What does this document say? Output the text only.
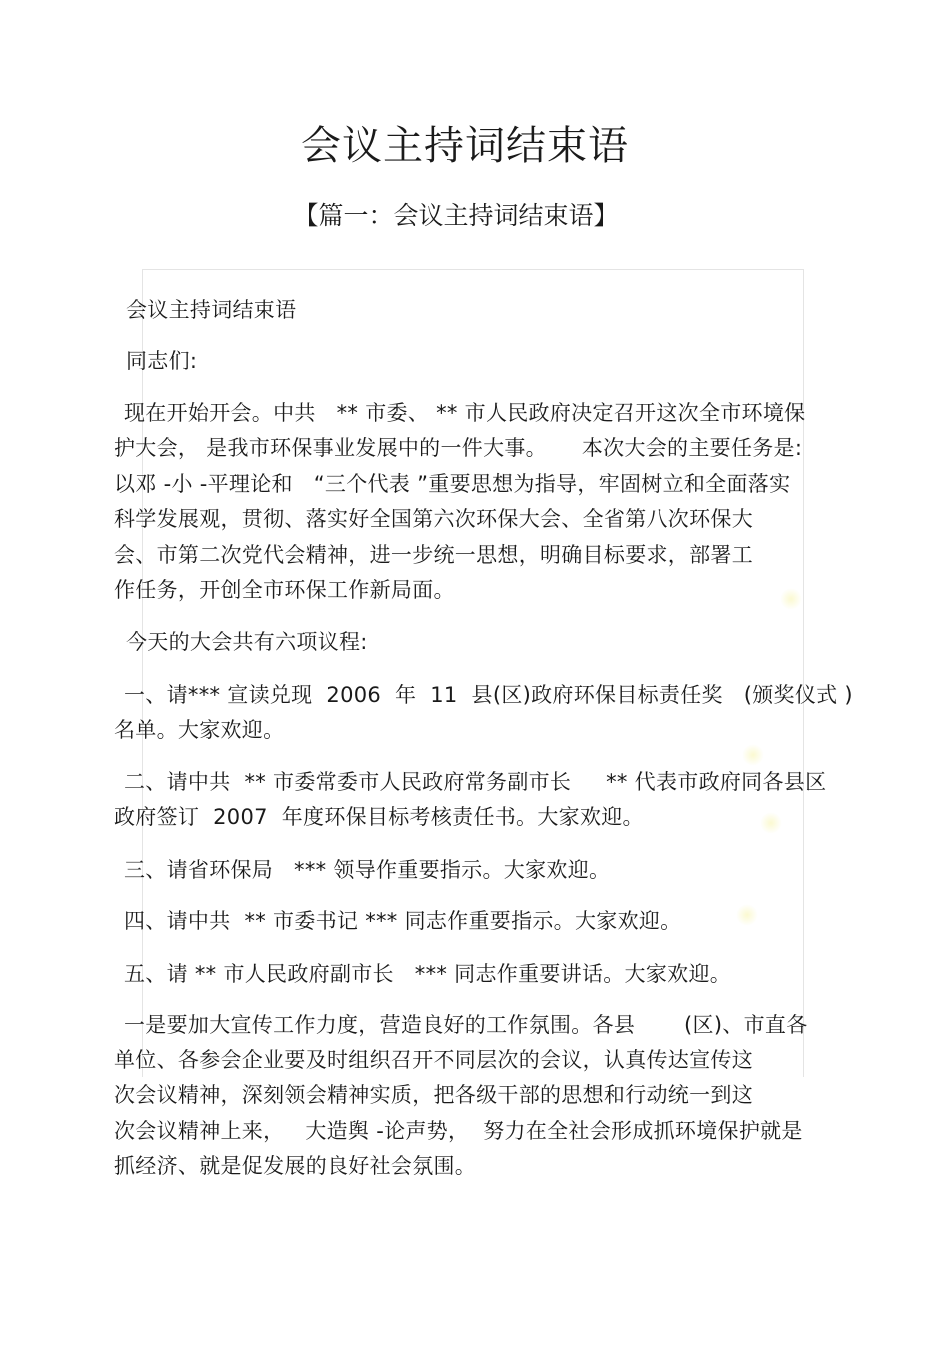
会议主持词结束语
【篇一：会议主持词结束语】
会议主持词结束语
同志们:
现在开始开会。中共   ** 市委、 ** 市人民政府决定召开这次全市环境保
护大会， 是我市环保事业发展中的一件大事。     本次大会的主要任务是:
以邓 -小 -平理论和   “三个代表 ”重要思想为指导，牢固树立和全面落实
科学发展观，贯彻、落实好全国第六次环保大会、全省第八次环保大
会、市第二次党代会精神，进一步统一思想，明确目标要求，部署工
作任务，开创全市环保工作新局面。
今天的大会共有六项议程:
一、请*** 宣读兑现  2006  年  11  县(区)政府环保目标责任奖   (颁奖仪式 )
名单。大家欢迎。
二、请中共  ** 市委常委市人民政府常务副市长     ** 代表市政府同各县区
政府签订  2007  年度环保目标考核责任书。大家欢迎。
三、请省环保局   *** 领导作重要指示。大家欢迎。
四、请中共  ** 市委书记 *** 同志作重要指示。大家欢迎。
五、请 ** 市人民政府副市长   *** 同志作重要讲话。大家欢迎。
一是要加大宣传工作力度，营造良好的工作氛围。各县       (区)、市直各
单位、各参会企业要及时组织召开不同层次的会议，认真传达宣传这
次会议精神，深刻领会精神实质，把各级干部的思想和行动统一到这
次会议精神上来，   大造舆 -论声势，  努力在全社会形成抓环境保护就是
抓经济、就是促发展的良好社会氛围。
